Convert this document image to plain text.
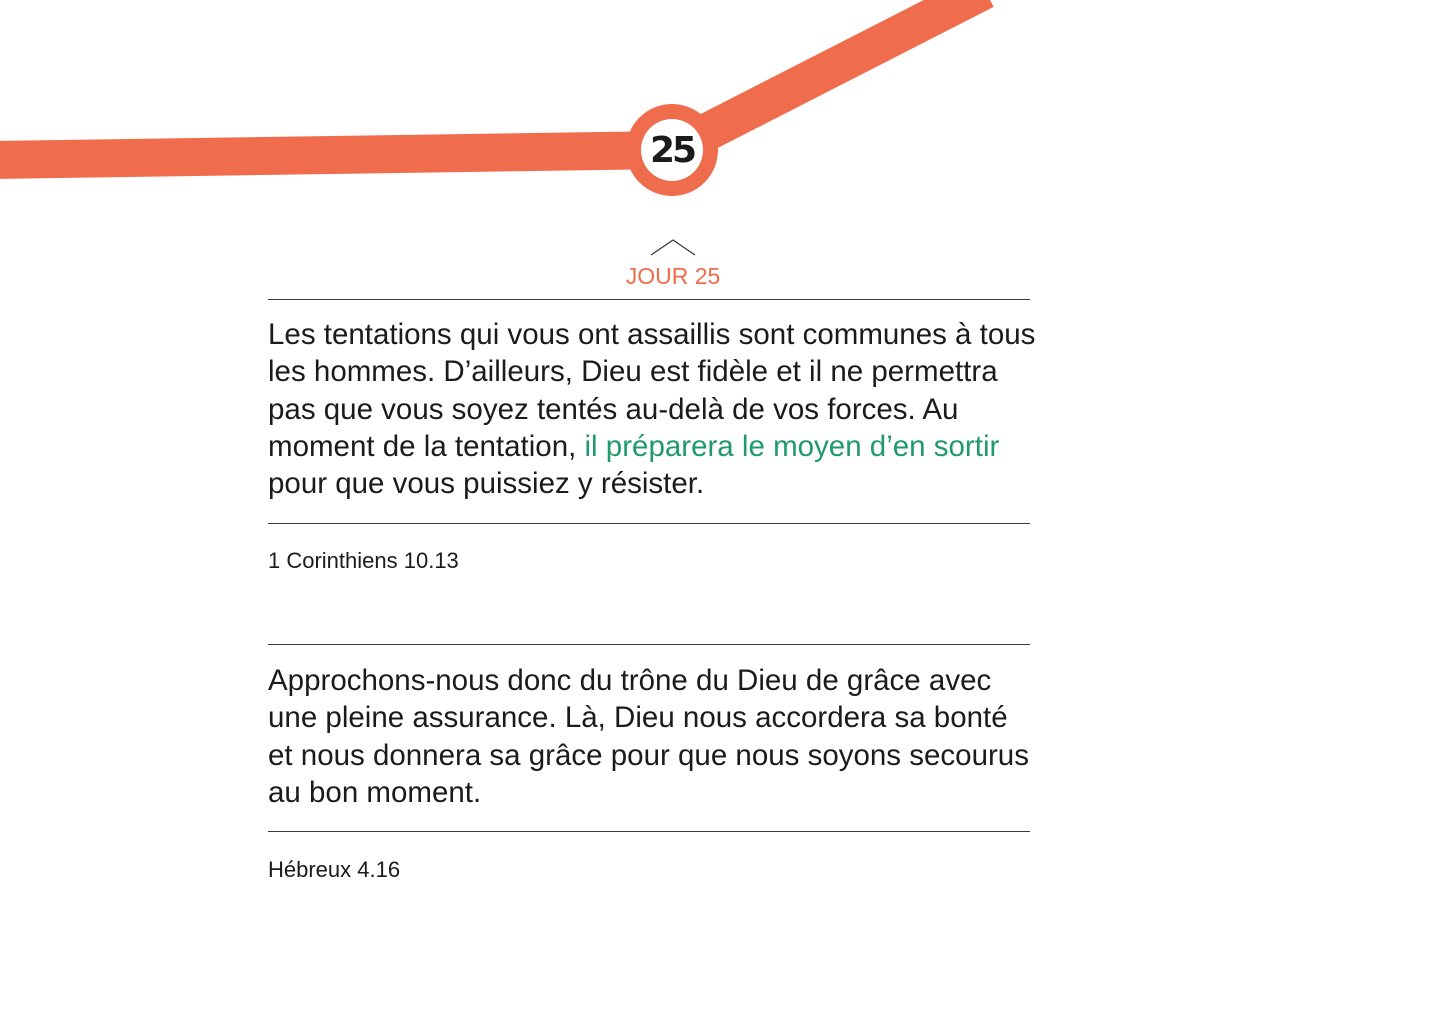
25
JOUR 25
Les tentations qui vous ont assaillis sont communes à tous les hommes. D’ailleurs, Dieu est fidèle et il ne permettra pas que vous soyez tentés au-delà de vos forces. Au moment de la tentation, il préparera le moyen d’en sortir pour que vous puissiez y résister.
1 Corinthiens 10.13
Approchons-nous donc du trône du Dieu de grâce avec une pleine assurance. Là, Dieu nous accordera sa bonté et nous donnera sa grâce pour que nous soyons secourus au bon moment.
Hébreux 4.16
